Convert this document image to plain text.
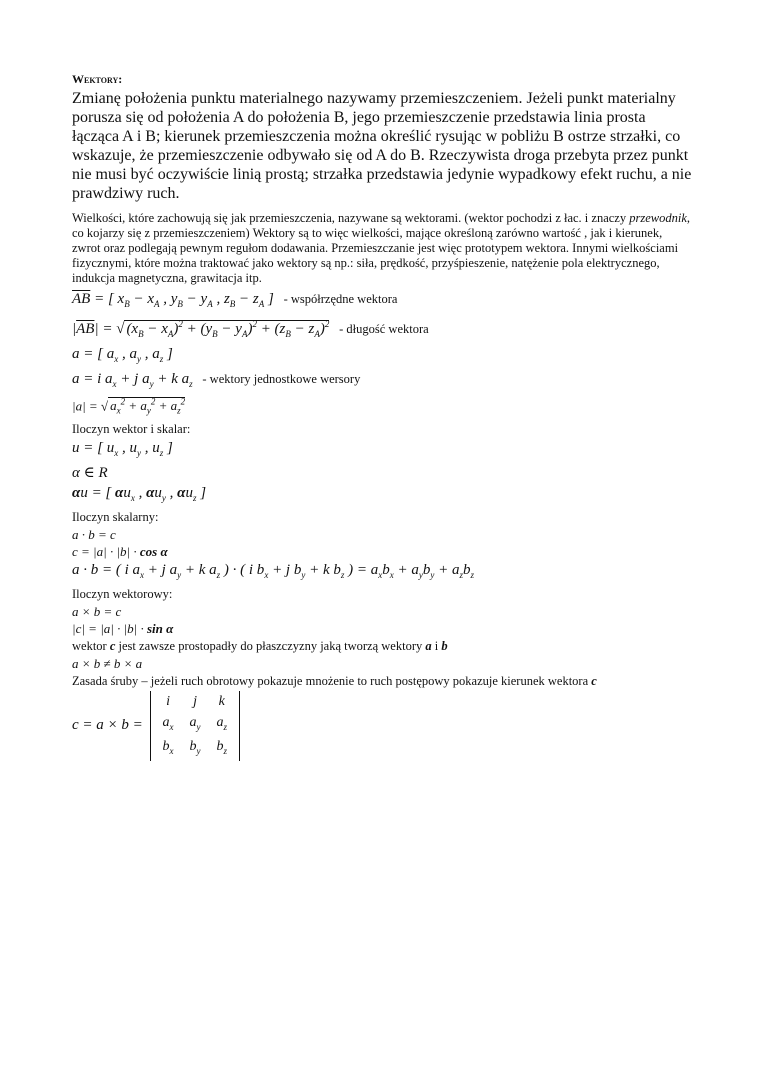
Wektory:

Zmianę położenia punktu materialnego nazywamy przemieszczeniem. Jeżeli punkt materialny porusza się od położenia A do położenia B, jego przemieszczenie przedstawia linia prosta łącząca A i B; kierunek przemieszczenia można określić rysując w pobliżu B ostrze strzałki, co wskazuje, że przemieszczenie odbywało się od A do B. Rzeczywista droga przebyta przez punkt nie musi być oczywiście linią prostą; strzałka przedstawia jedynie wypadkowy efekt ruchu, a nie prawdziwy ruch.

Wielkości, które zachowują się jak przemieszczenia, nazywane są wektorami. (wektor pochodzi z łac. i znaczy przewodnik, co kojarzy się z przemieszczeniem) Wektory są to więc wielkości, mające określoną zarówno wartość , jak i kierunek, zwrot oraz podlegają pewnym regułom dodawania. Przemieszczanie jest więc prototypem wektora. Innymi wielkościami fizycznymi, które można traktować jako wektory są np.: siła, prędkość, przyśpieszenie, natężenie pola elektrycznego, indukcja magnetyczna, grawitacja itp.

$\overline{AB}$ = [ $x_B - x_A$ , $y_B - y_A$ , $z_B - z_A$ ] - współrzędne wektora

$|\overline{AB}|$ = √ $(x_B - x_A)^2 + (y_B - y_A)^2 + (z_B - z_A)^2$ - długość wektora

a = [ $a_x$ , $a_y$ , $a_z$ ]

a = i $a_x + j$ $a_y + k$ $a_z$ - wektory jednostkowe wersory

|a| = √ $a_x^2 + a_y^2 + a_z^2$

Iloczyn wektor i skalar:

u = [ $u_x$ , $u_y$ , $u_z$ ]

α ∈ R

αu = [ $\alpha u_x$ , $\alpha u_y$ , $\alpha u_z$ ]

Iloczyn skalarny:

a · b = c

c = |a| · |b| · cos α

a · b = ( i $a_x + j$ $a_y + k$ $a_z$ ) · ( i $b_x + j$ $b_y + k$ $b_z$ ) = $a_xb_x + a_yb_y + a_zb_z$

Iloczyn wektorowy:

a × b = c

|c| = |a| · |b| · sin α

wektor c jest zawsze prostopadły do płaszczyzny jaką tworzą wektory a i b

a × b ≠ b × a

Zasada śruby – jeżeli ruch obrotowy pokazuje mnożenie to ruch postępowy pokazuje kierunek wektora c
c = a × b =
i	j	k
$a_x$	$a_y$	$a_z$
$b_x$	$b_y$	$b_z$
